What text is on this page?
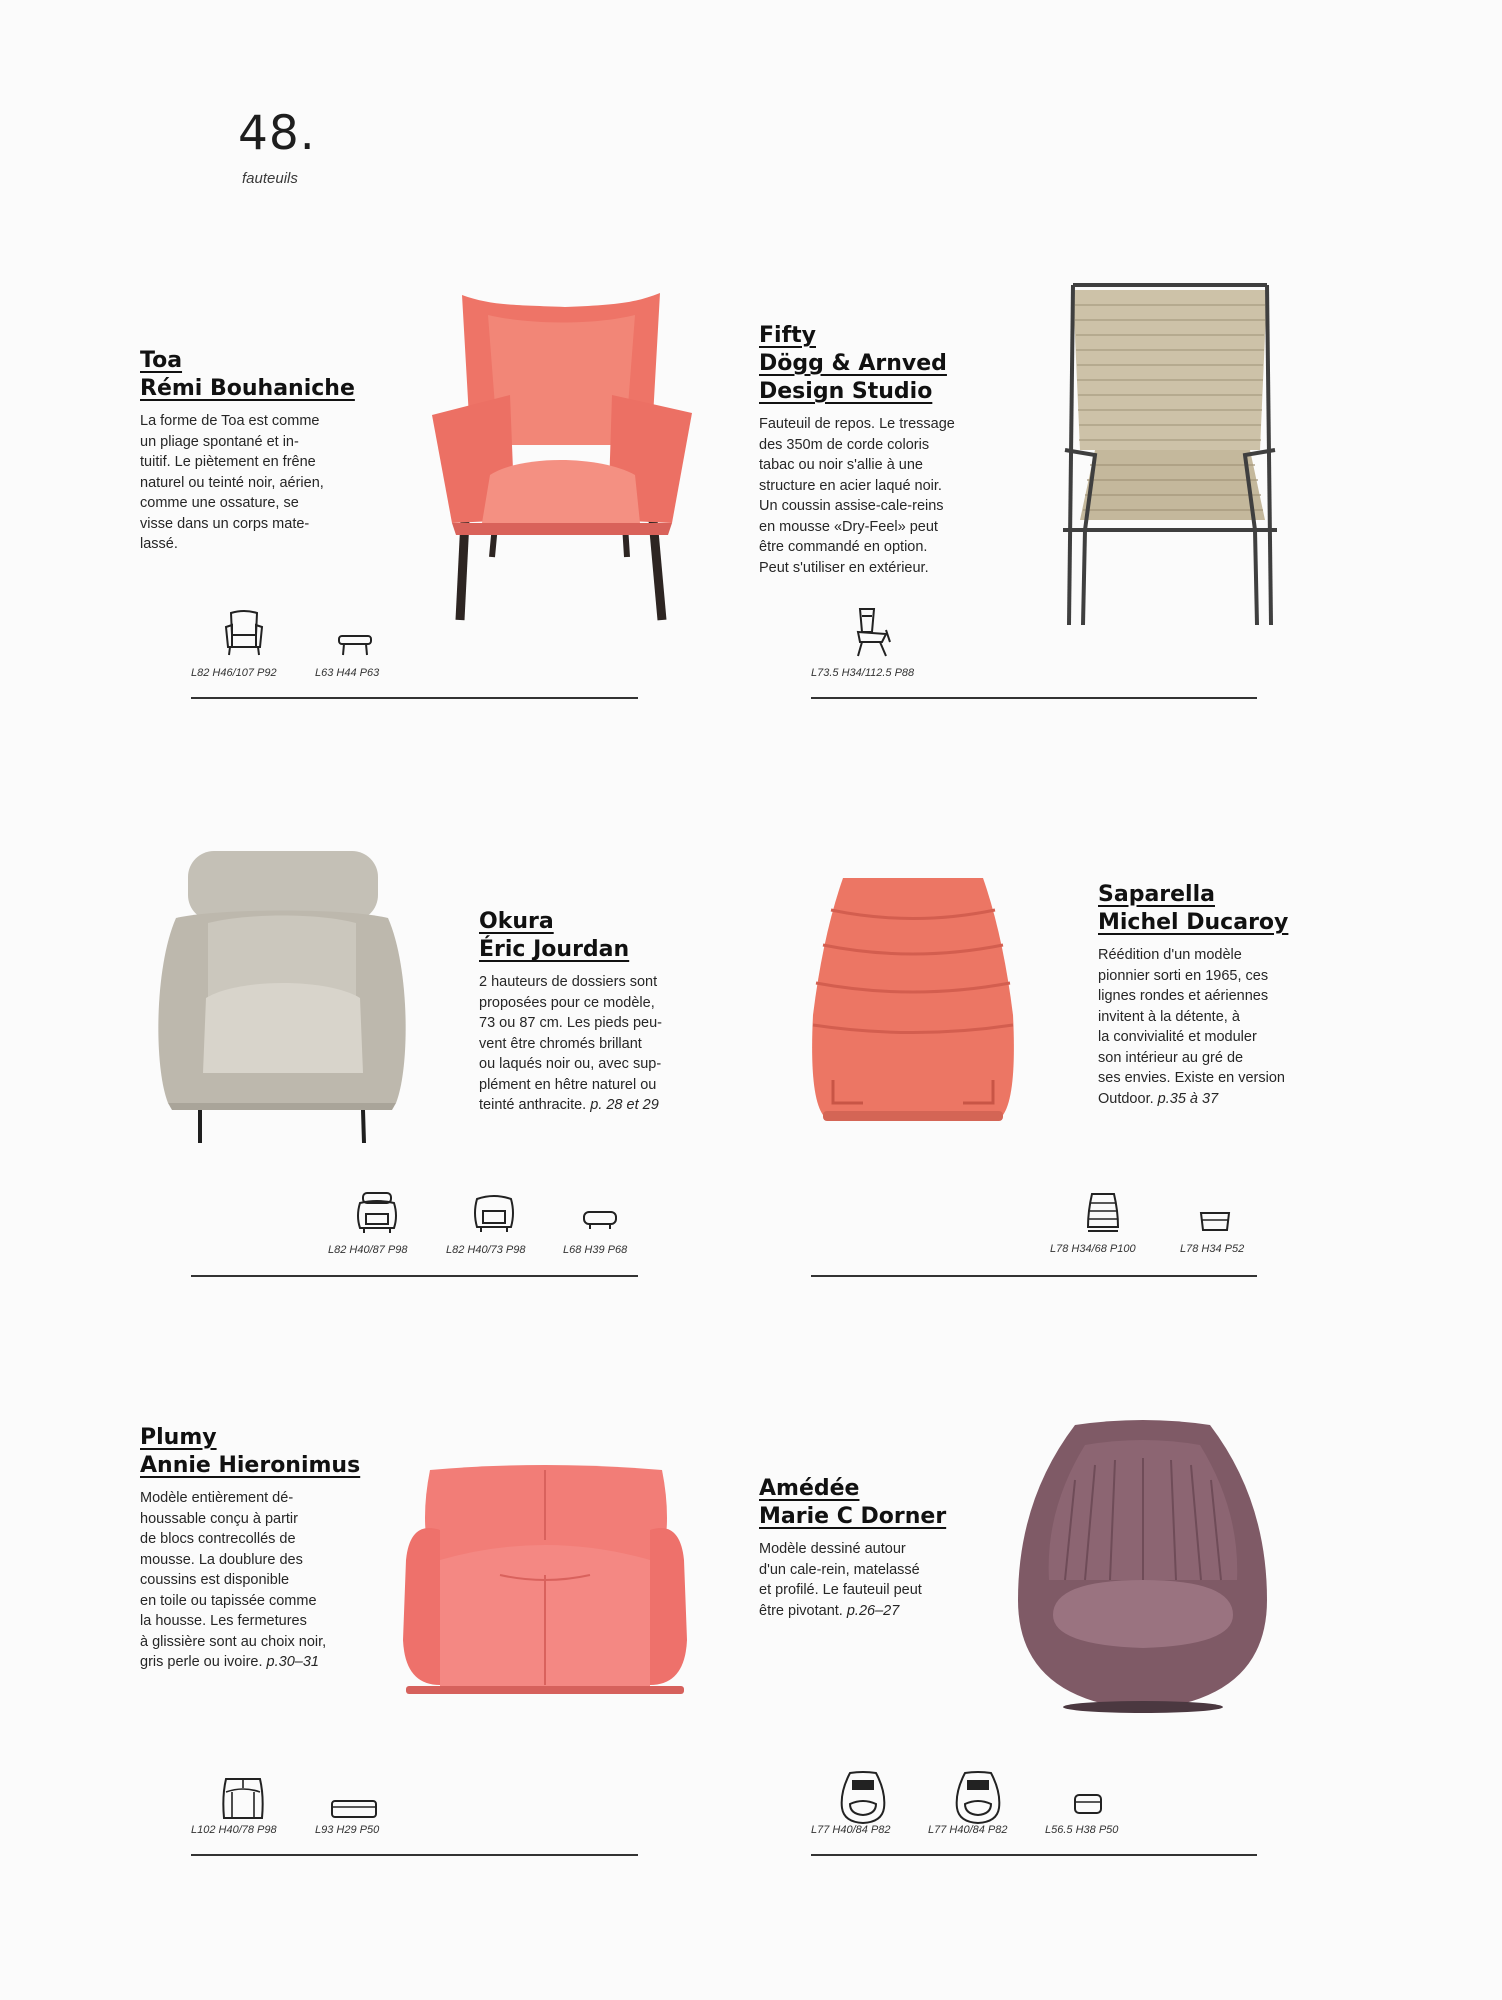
48.
fauteuils
Toa
Rémi Bouhaniche
La forme de Toa est comme
un pliage spontané et in-
tuitif. Le piètement en frêne
naturel ou teinté noir, aérien,
comme une ossature, se
visse dans un corps mate-
lassé.
L82 H46/107 P92	L63 H44 P63
Fifty
Dögg & Arnved
Design Studio
Fauteuil de repos. Le tressage
des 350m de corde coloris
tabac ou noir s'allie à une
structure en acier laqué noir.
Un coussin assise-cale-reins
en mousse «Dry-Feel» peut
être commandé en option.
Peut s'utiliser en extérieur.
L73.5 H34/112.5 P88
Okura
Éric Jourdan
2 hauteurs de dossiers sont
proposées pour ce modèle,
73 ou 87 cm. Les pieds peu-
vent être chromés brillant
ou laqués noir ou, avec sup-
plément en hêtre naturel ou
teinté anthracite. p. 28 et 29
L82 H40/87 P98	L82 H40/73 P98	L68 H39 P68
Saparella
Michel Ducaroy
Réédition d'un modèle
pionnier sorti en 1965, ces
lignes rondes et aériennes
invitent à la détente, à
la convivialité et moduler
son intérieur au gré de
ses envies. Existe en version
Outdoor. p.35 à 37
L78 H34/68 P100	L78 H34 P52
Plumy
Annie Hieronimus
Modèle entièrement dé-
houssable conçu à partir
de blocs contrecollés de
mousse. La doublure des
coussins est disponible
en toile ou tapissée comme
la housse. Les fermetures
à glissière sont au choix noir,
gris perle ou ivoire. p.30–31
L102 H40/78 P98	L93 H29 P50
Amédée
Marie C Dorner
Modèle dessiné autour
d'un cale-rein, matelassé
et profilé. Le fauteuil peut
être pivotant. p.26–27
L77 H40/84 P82	L77 H40/84 P82	L56.5 H38 P50
